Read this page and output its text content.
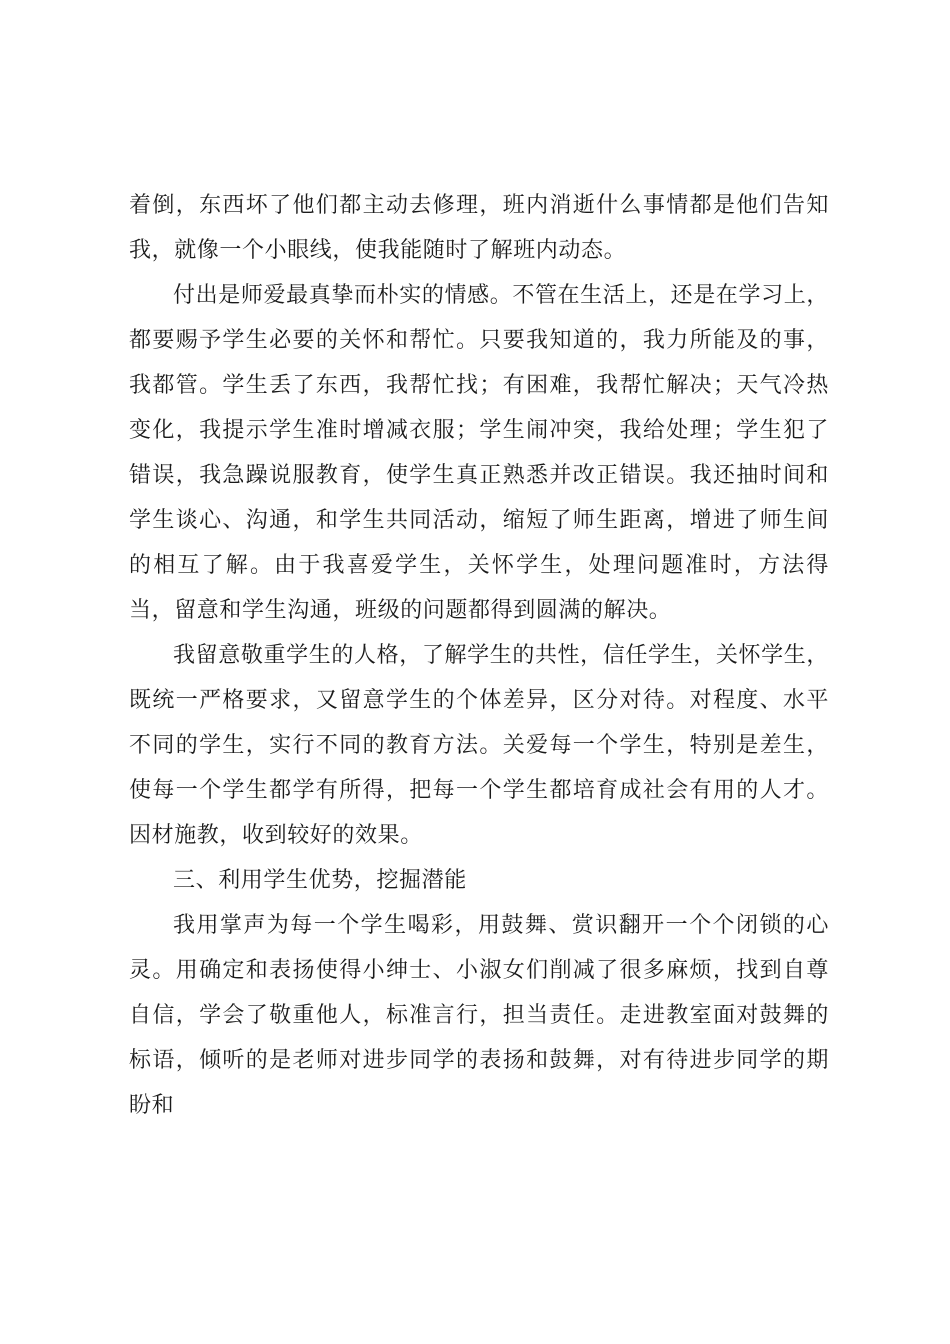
着倒，东西坏了他们都主动去修理，班内消逝什么事情都是他们告知我，就像一个小眼线，使我能随时了解班内动态。

付出是师爱最真挚而朴实的情感。不管在生活上，还是在学习上，都要赐予学生必要的关怀和帮忙。只要我知道的，我力所能及的事，我都管。学生丢了东西，我帮忙找；有困难，我帮忙解决；天气冷热变化，我提示学生准时增减衣服；学生闹冲突，我给处理；学生犯了错误，我急躁说服教育，使学生真正熟悉并改正错误。我还抽时间和学生谈心、沟通，和学生共同活动，缩短了师生距离，增进了师生间的相互了解。由于我喜爱学生，关怀学生，处理问题准时，方法得当，留意和学生沟通，班级的问题都得到圆满的解决。

我留意敬重学生的人格，了解学生的共性，信任学生，关怀学生，既统一严格要求，又留意学生的个体差异，区分对待。对程度、水平不同的学生，实行不同的教育方法。关爱每一个学生，特别是差生，使每一个学生都学有所得，把每一个学生都培育成社会有用的人才。因材施教，收到较好的效果。

三、利用学生优势，挖掘潜能

我用掌声为每一个学生喝彩，用鼓舞、赏识翻开一个个闭锁的心灵。用确定和表扬使得小绅士、小淑女们削减了很多麻烦，找到自尊自信，学会了敬重他人，标准言行，担当责任。走进教室面对鼓舞的标语，倾听的是老师对进步同学的表扬和鼓舞，对有待进步同学的期盼和
